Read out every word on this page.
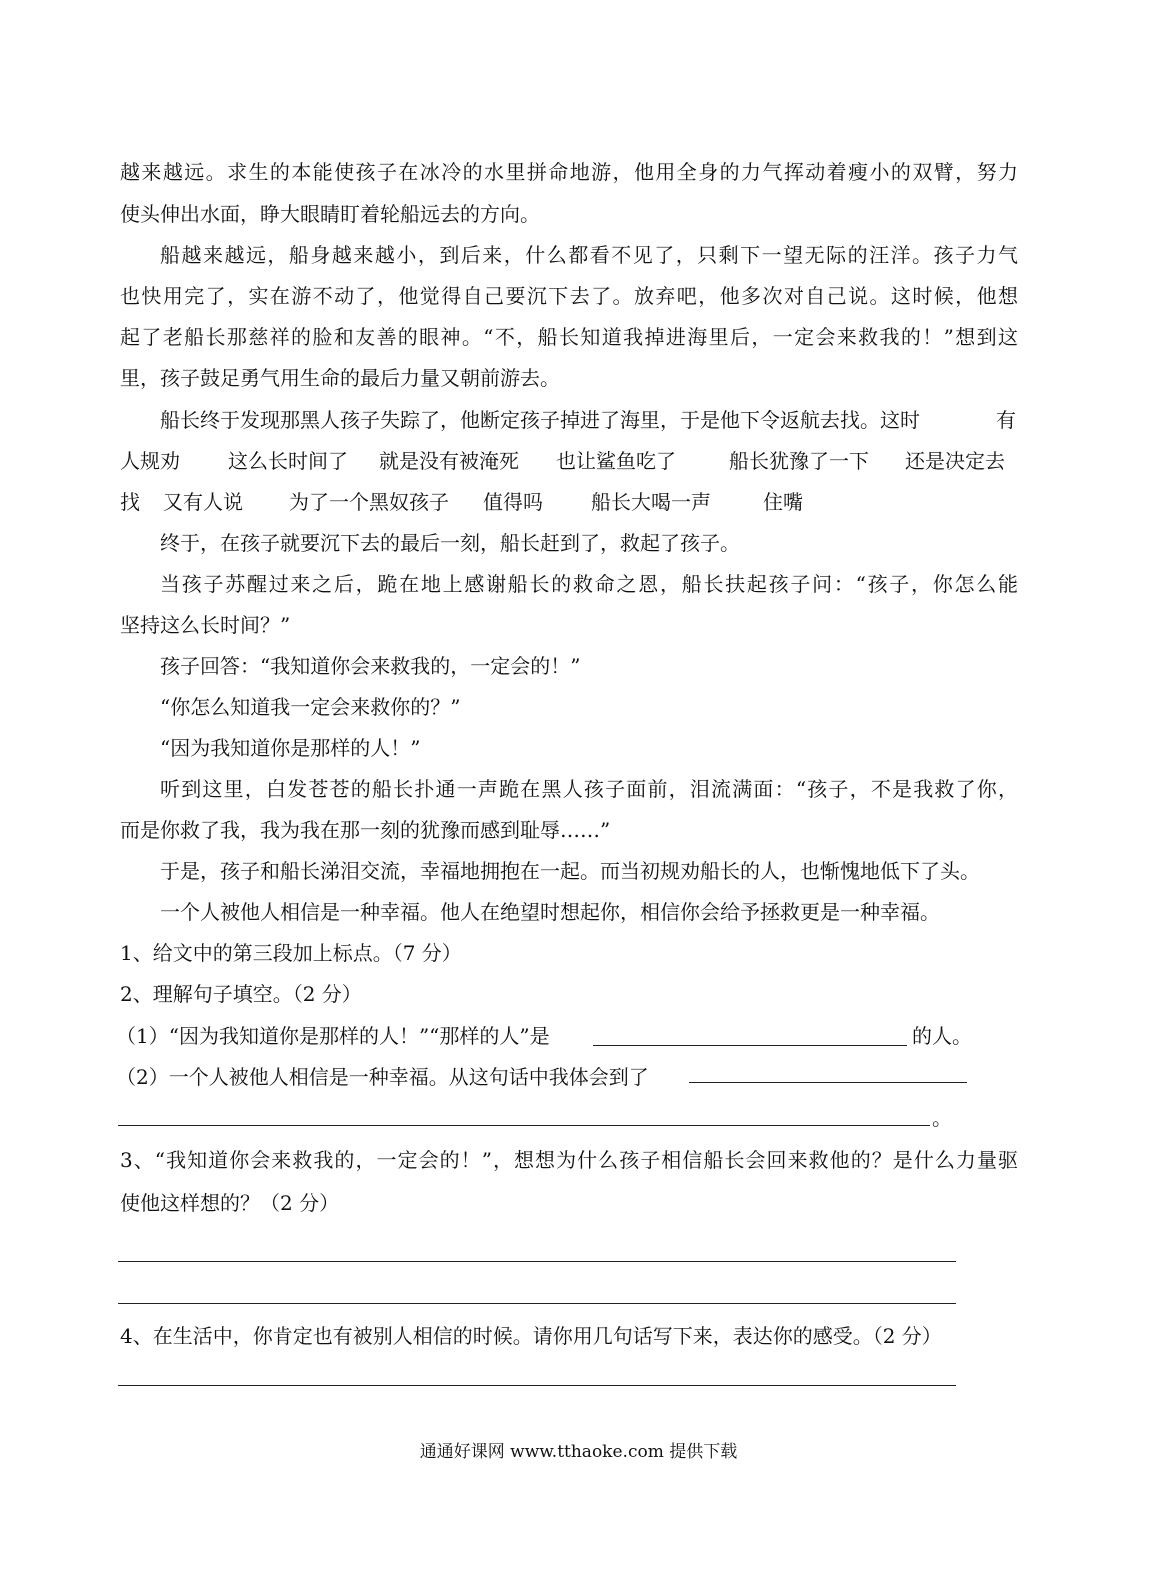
越来越远。求生的本能使孩子在冰冷的水里拼命地游，他用全身的力气挥动着瘦小的双臂，努力
使头伸出水面，睁大眼睛盯着轮船远去的方向。
船越来越远，船身越来越小，到后来，什么都看不见了，只剩下一望无际的汪洋。孩子力气
也快用完了，实在游不动了，他觉得自己要沉下去了。放弃吧，他多次对自己说。这时候，他想
起了老船长那慈祥的脸和友善的眼神。“不，船长知道我掉进海里后，一定会来救我的！”想到这
里，孩子鼓足勇气用生命的最后力量又朝前游去。
船长终于发现那黑人孩子失踪了，他断定孩子掉进了海里，于是他下令返航去找。这时	有
人规劝 这么长时间了 就是没有被淹死 也让鲨鱼吃了	船长犹豫了一下 还是决定去
找 又有人说 为了一个黑奴孩子 值得吗 船长大喝一声	住嘴
终于，在孩子就要沉下去的最后一刻，船长赶到了，救起了孩子。
当孩子苏醒过来之后，跪在地上感谢船长的救命之恩，船长扶起孩子问：“孩子，你怎么能
坚持这么长时间？”
孩子回答：“我知道你会来救我的，一定会的！”
“你怎么知道我一定会来救你的？”
“因为我知道你是那样的人！”
听到这里，白发苍苍的船长扑通一声跪在黑人孩子面前，泪流满面：“孩子，不是我救了你，
而是你救了我，我为我在那一刻的犹豫而感到耻辱……”
于是，孩子和船长涕泪交流，幸福地拥抱在一起。而当初规劝船长的人，也惭愧地低下了头。
一个人被他人相信是一种幸福。他人在绝望时想起你，相信你会给予拯救更是一种幸福。
1、给文中的第三段加上标点。（7 分）
2、理解句子填空。（2 分）
（1）“因为我知道你是那样的人！”“那样的人”是	的人。
（2）一个人被他人相信是一种幸福。从这句话中我体会到了
。
3、“我知道你会来救我的，一定会的！”，想想为什么孩子相信船长会回来救他的？是什么力量驱
使他这样想的？（2 分）
4、在生活中，你肯定也有被别人相信的时候。请你用几句话写下来，表达你的感受。（2 分）
通通好课网 www.tthaoke.com 提供下载
